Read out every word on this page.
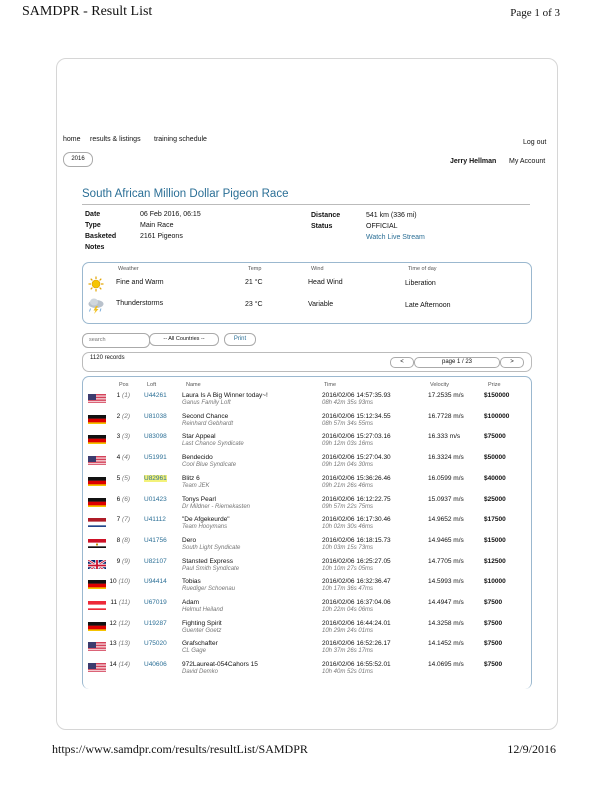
SAMDPR - Result List	Page 1 of 3
home results & listings training schedule	Log out
2016	Jerry Hellman My Account
South African Million Dollar Pigeon Race
Date	06 Feb 2016, 06:15
Type	Main Race
Basketed	2161 Pigeons
Notes
Distance	541 km (336 mi)
Status	OFFICIAL
Watch Live Stream
Weather	Temp	Wind	Time of day
Fine and Warm	21 °C	Head Wind	Liberation
Thunderstorms	23 °C	Variable	Late Afternoon
search
-- All Countries --	Print
1120 records
<	page 1 / 23	>
Pos	Loft	Name	Time	Velocity	Prize
1 (1) U44261 Laura Is A Big Winner today~!
Ganus Family Loft
2016/02/06 14:57:35.93
08h 42m 35s 93ms
17.2535 m/s	$150000
2 (2) U81038 Second Chance
Reinhard Gebhardt
2016/02/06 15:12:34.55
08h 57m 34s 55ms
16.7728 m/s	$100000
3 (3) U83098 Star Appeal
Last Chance Syndicate
2016/02/06 15:27:03.16
09h 12m 03s 16ms
16.333 m/s	$75000
4 (4) U51991 Bendecido
Cool Blue Syndicate
2016/02/06 15:27:04.30
09h 12m 04s 30ms
16.3324 m/s	$50000
5 (5) U82961 Blitz 6
Team JEK
2016/02/06 15:36:26.46
09h 21m 26s 46ms
16.0599 m/s	$40000
6 (6) U01423 Tonys Pearl
Dr Mildner - Riemekasten
2016/02/06 16:12:22.75
09h 57m 22s 75ms
15.0937 m/s	$25000
7 (7) U41112 "De Afgekeurde"
Team Hooymans
2016/02/06 16:17:30.46
10h 02m 30s 46ms
14.9652 m/s	$17500
8 (8) U41756 Dero
South Light Syndicate
2016/02/06 16:18:15.73
10h 03m 15s 73ms
14.9465 m/s	$15000
9 (9) U82107 Stansted Express
Paul Smith Syndicate
2016/02/06 16:25:27.05
10h 10m 27s 05ms
14.7705 m/s	$12500
10 (10) U94414 Tobias
Ruediger Schoenau
2016/02/06 16:32:36.47
10h 17m 36s 47ms
14.5993 m/s	$10000
11 (11) U67019 Adam
Helmut Heiland
2016/02/06 16:37:04.06
10h 22m 04s 06ms
14.4947 m/s	$7500
12 (12) U19287 Fighting Spirit
Guenter Goetz
2016/02/06 16:44:24.01
10h 29m 24s 01ms
14.3258 m/s	$7500
13 (13) U75020 Grafschafter
CL Gage
2016/02/06 16:52:26.17
10h 37m 26s 17ms
14.1452 m/s	$7500
14 (14) U40606 972Laureat-054Cahors 15
David Demko
2016/02/06 16:55:52.01
10h 40m 52s 01ms
14.0695 m/s	$7500
https://www.samdpr.com/results/resultList/SAMDPR	12/9/2016
